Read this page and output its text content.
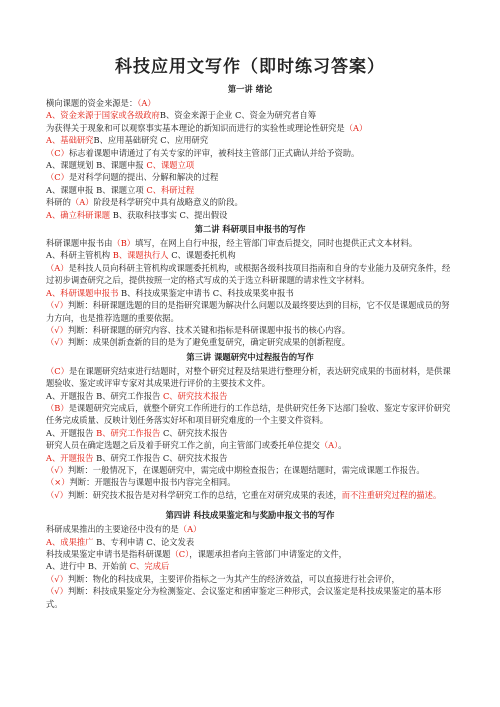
科技应用文写作（即时练习答案）
第一讲 绪论

横向课题的资金来源是：（A）

A、资金来源于国家或各级政府B、资金来源于企业 C、资金为研究者自筹

为获得关于现象和可以观察事实基本理论的新知识而进行的实验性或理论性研究是（A）

A、基础研究B、应用基础研究 C、应用研究

（C）标志着课题申请通过了有关专家的评审，被科技主管部门正式确认并给予资助。

A、课题规划 B、课题申报 C、课题立项

（C）是对科学问题的提出、分解和解决的过程

A、课题申报 B、课题立项 C、科研过程

科研的（A）阶段是科学研究中具有战略意义的阶段。

A、确立科研课题 B、获取科技事实 C、提出假设

第二讲 科研项目申报书的写作

科研课题申报书由（B）填写，在网上自行申报，经主管部门审查后提交，同时也提供正式文本材料。

A、科研主管机构 B、课题执行人 C、课题委托机构

（A）是科技人员向科研主管机构或课题委托机构，或根据各级科技项目指南和自身的专业能力及研究条件，经过初步调查研究之后，提供按照一定的格式写成的关于选立科研课题的请求性文字材料。

A、科研课题申报书 B、科技成果鉴定申请书 C、科技成果奖申报书

（√）判断：科研课题选题的目的是指研究课题为解决什么问题以及最终要达到的目标，它不仅是课题成员的努力方向，也是推荐选题的重要依据。

（√）判断：科研课题的研究内容、技术关键和指标是科研课题申报书的核心内容。

（√）判断：成果创新查新的目的是为了避免重复研究，确定研究成果的创新程度。

第三讲 课题研究中过程报告的写作

（C）是在课题研究结束进行结题时，对整个研究过程及结果进行整理分析，表达研究成果的书面材料，是供课题验收、鉴定或评审专家对其成果进行评价的主要技术文件。

A、开题报告 B、研究工作报告 C、研究技术报告

（B）是课题研究完成后，就整个研究工作所进行的工作总结，是供研究任务下达部门验收、鉴定专家评价研究任务完成质量、反映计划任务落实好坏和项目研究难度的一个主要文件资料。

A、开题报告 B、研究工作报告 C、研究技术报告

研究人员在确定选题之后及着手研究工作之前，向主管部门或委托单位提交（A）。

A、开题报告 B、研究工作报告 C、研究技术报告

（√）判断：一般情况下，在课题研究中，需完成中期检查报告；在课题结题时，需完成课题工作报告。

（×）判断：开题报告与课题申报书内容完全相同。

（√）判断：研究技术报告是对科学研究工作的总结，它重在对研究成果的表述，而不注重研究过程的描述。

第四讲 科技成果鉴定和与奖励申报文书的写作

科研成果推出的主要途径中没有的是（A）

A、成果推广 B、专利申请 C、论文发表

科技成果鉴定申请书是指科研课题（C），课题承担者向主管部门申请鉴定的文件，

A、进行中 B、开始前 C、完成后

（√）判断：物化的科技成果，主要评价指标之一为其产生的经济效益，可以直接进行社会评价，

（√）判断：科技成果鉴定分为检测鉴定、会议鉴定和函审鉴定三种形式，会议鉴定是科技成果鉴定的基本形式。
